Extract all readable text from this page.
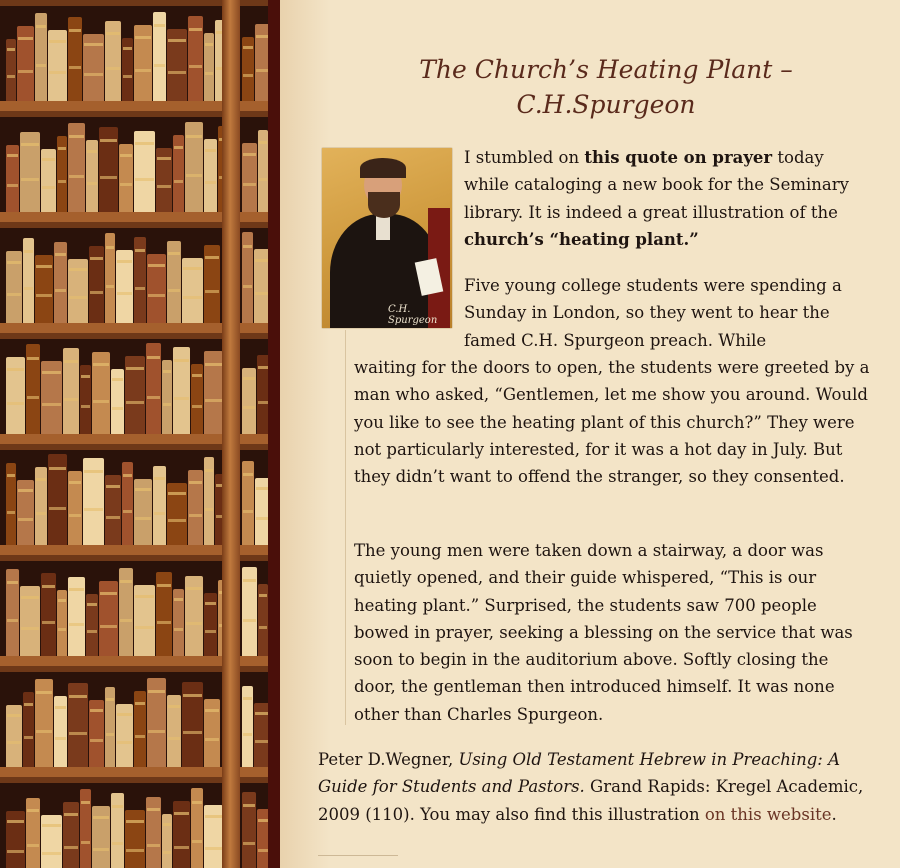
The Church’s Heating Plant – C.H.Spurgeon
C.H. Spurgeon

I stumbled on this quote on prayer today while cataloging a new book for the Seminary library. It is indeed a great illustration of the church’s “heating plant.”

Five young college students were spending a Sunday in London, so they went to hear the famed C.H. Spurgeon preach. While

waiting for the doors to open, the students were greeted by a man who asked, “Gentlemen, let me show you around. Would you like to see the heating plant of this church?” They were not particularly interested, for it was a hot day in July. But they didn’t want to offend the stranger, so they consented.

The young men were taken down a stairway, a door was quietly opened, and their guide whispered, “This is our heating plant.” Surprised, the students saw 700 people bowed in prayer, seeking a blessing on the service that was soon to begin in the auditorium above. Softly closing the door, the gentleman then introduced himself. It was none other than Charles Spurgeon.

Peter D.Wegner, Using Old Testament Hebrew in Preaching: A Guide for Students and Pastors. Grand Rapids: Kregel Academic, 2009 (110). You may also find this illustration on this website.
